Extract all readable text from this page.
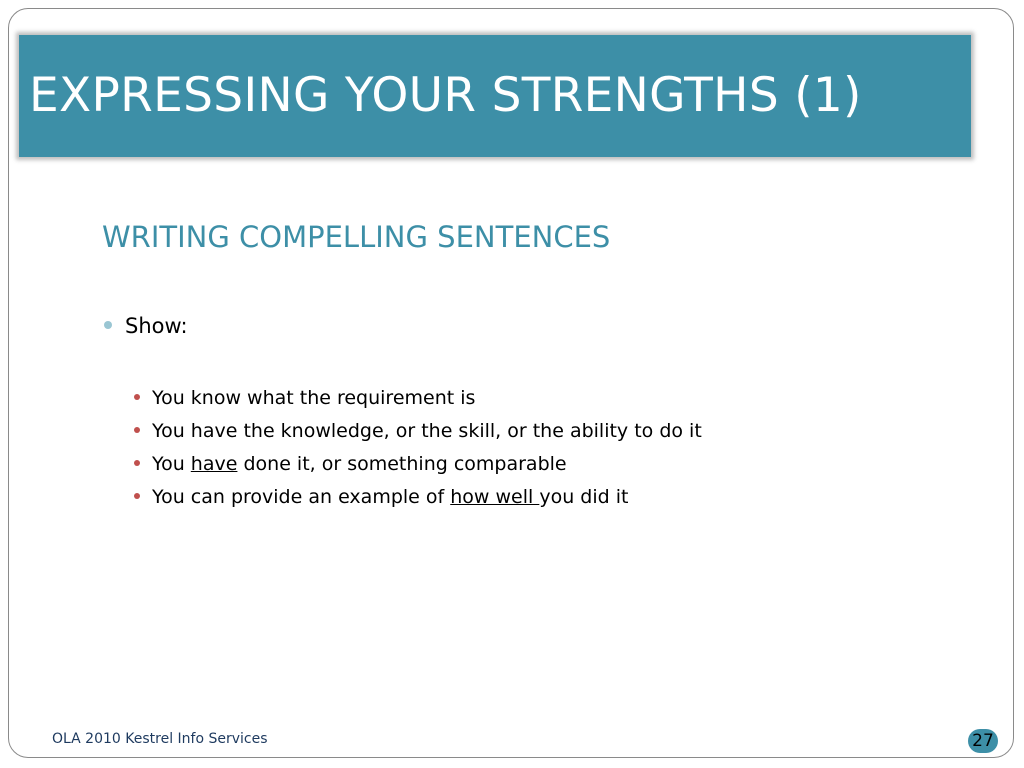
EXPRESSING YOUR STRENGTHS (1)
WRITING COMPELLING SENTENCES
Show:
You know what the requirement is
You have the knowledge, or the skill, or the ability to do it
You have done it, or something comparable
You can provide an example of how well you did it
OLA 2010 Kestrel Info Services	27
